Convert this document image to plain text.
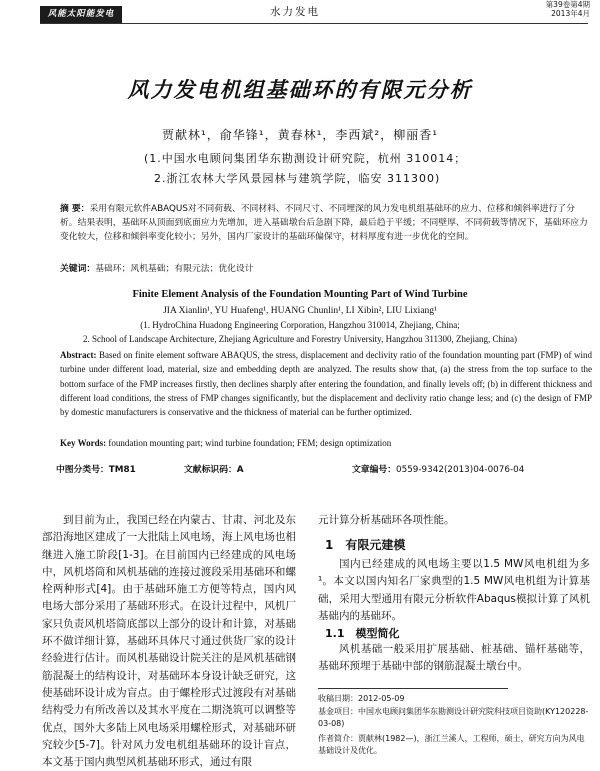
风能太阳能发电	水力发电
第39卷第4期
2013年4月
风力发电机组基础环的有限元分析
贾献林¹，俞华锋¹，黄春林¹，李西斌²，柳丽香¹
(1.中国水电顾问集团华东勘测设计研究院，杭州 310014；
2.浙江农林大学风景园林与建筑学院，临安 311300)
摘 要：采用有限元软件ABAQUS对不同荷载、不同材料、不同尺寸、不同埋深的风力发电机组基础环的应力、位移和倾斜率进行了分析。结果表明，基础环从顶面到底面应力先增加，进入基础墩台后急剧下降，最后趋于平缓；不同壁厚、不同荷载等情况下，基础环应力变化较大，位移和倾斜率变化较小；另外，国内厂家设计的基础环偏保守，材料厚度有进一步优化的空间。
关键词：基础环；风机基础；有限元法；优化设计
Finite Element Analysis of the Foundation Mounting Part of Wind Turbine
JIA Xianlin¹, YU Huafeng¹, HUANG Chunlin¹, LI Xibin², LIU Lixiang¹
(1. HydroChina Huadong Engineering Corporation, Hangzhou 310014, Zhejiang, China;
2. School of Landscape Architecture, Zhejiang Agriculture and Forestry University, Hangzhou 311300, Zhejiang, China)
Abstract: Based on finite element software ABAQUS, the stress, displacement and declivity ratio of the foundation mounting part (FMP) of wind turbine under different load, material, size and embedding depth are analyzed. The results show that, (a) the stress from the top surface to the bottom surface of the FMP increases firstly, then declines sharply after entering the foundation, and finally levels off; (b) in different thickness and different load conditions, the stress of FMP changes significantly, but the displacement and declivity ratio change less; and (c) the design of FMP by domestic manufacturers is conservative and the thickness of material can be further optimized.
Key Words: foundation mounting part; wind turbine foundation; FEM; design optimization
中图分类号：TM81	文献标识码：A	文章编号：0559-9342(2013)04-0076-04

到目前为止，我国已经在内蒙古、甘肃、河北及东部沿海地区建成了一大批陆上风电场，海上风电场也相继进入施工阶段[1-3]。在目前国内已经建成的风电场中，风机塔筒和风机基础的连接过渡段采用基础环和螺栓两种形式[4]。由于基础环施工方便等特点，国内风电场大部分采用了基础环形式。在设计过程中，风机厂家只负责风机塔筒底部以上部分的设计和计算，对基础环不做详细计算，基础环具体尺寸通过供货厂家的设计经验进行估计。而风机基础设计院关注的是风机基础钢筋混凝土的结构设计，对基础环本身设计缺乏研究，这使基础环设计成为盲点。由于螺栓形式过渡段有对基础结构受力有所改善以及其水平度在二期浇筑可以调整等优点，国外大多陆上风电场采用螺栓形式，对基础环研究较少[5-7]。针对风力发电机组基础环的设计盲点，本文基于国内典型风机基础环形式，通过有限

元计算分析基础环各项性能。
1　有限元建模
国内已经建成的风电场主要以1.5 MW风电机组为多¹。本文以国内知名厂家典型的1.5 MW风电机组为计算基础，采用大型通用有限元分析软件Abaqus模拟计算了风机基础内的基础环。
1.1　模型简化
风机基础一般采用扩展基础、桩基础、锚杆基础等，基础环预埋于基础中部的钢筋混凝土墩台中。
收稿日期：2012-05-09
基金项目：中国水电顾问集团华东勘测设计研究院科技项目资助(KY120228-03-08)
作者简介：贾献林(1982—)，浙江兰溪人，工程师，硕士，研究方向为风电基础设计及优化。
